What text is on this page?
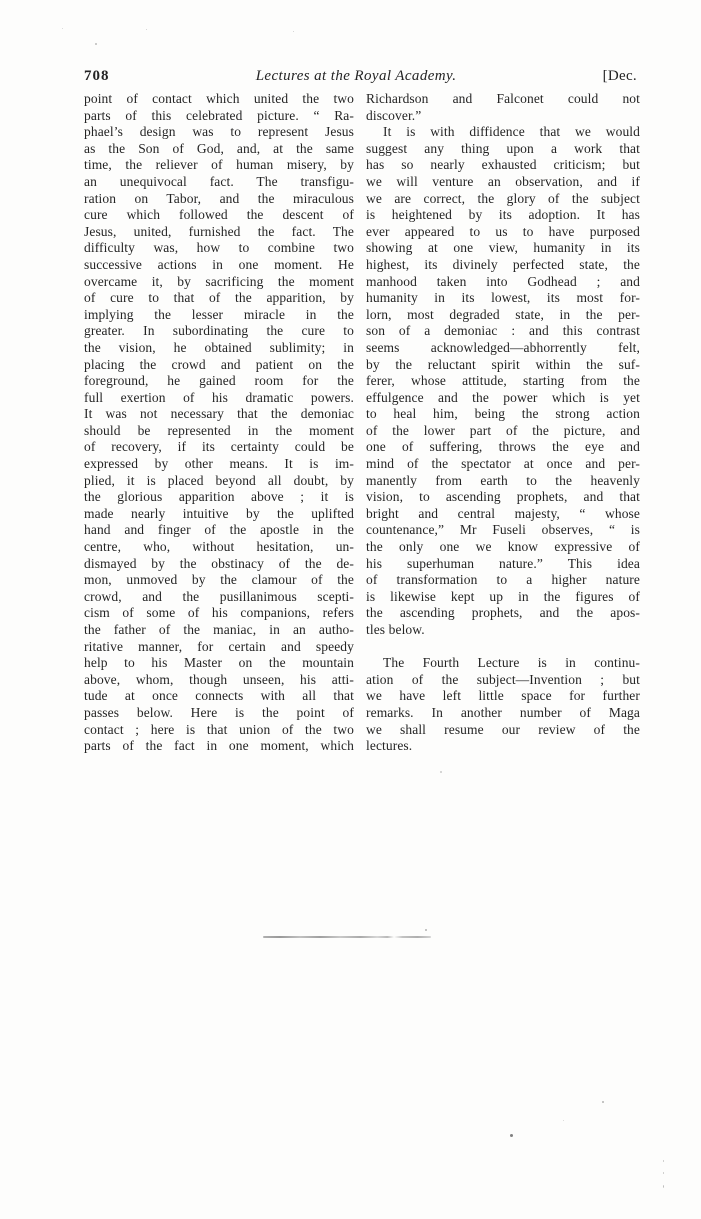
708	Lectures at the Royal Academy.	[Dec.
point of contact which united the two
parts of this celebrated picture. “ Ra-
phael’s design was to represent Jesus
as the Son of God, and, at the same
time, the reliever of human misery, by
an unequivocal fact. The transfigu-
ration on Tabor, and the miraculous
cure which followed the descent of
Jesus, united, furnished the fact. The
difficulty was, how to combine two
successive actions in one moment. He
overcame it, by sacrificing the moment
of cure to that of the apparition, by
implying the lesser miracle in the
greater. In subordinating the cure to
the vision, he obtained sublimity; in
placing the crowd and patient on the
foreground, he gained room for the
full exertion of his dramatic powers.
It was not necessary that the demoniac
should be represented in the moment
of recovery, if its certainty could be
expressed by other means. It is im-
plied, it is placed beyond all doubt, by
the glorious apparition above ; it is
made nearly intuitive by the uplifted
hand and finger of the apostle in the
centre, who, without hesitation, un-
dismayed by the obstinacy of the de-
mon, unmoved by the clamour of the
crowd, and the pusillanimous scepti-
cism of some of his companions, refers
the father of the maniac, in an autho-
ritative manner, for certain and speedy
help to his Master on the mountain
above, whom, though unseen, his atti-
tude at once connects with all that
passes below. Here is the point of
contact ; here is that union of the two
parts of the fact in one moment, which
Richardson and Falconet could not
discover.”
It is with diffidence that we would
suggest any thing upon a work that
has so nearly exhausted criticism; but
we will venture an observation, and if
we are correct, the glory of the subject
is heightened by its adoption. It has
ever appeared to us to have purposed
showing at one view, humanity in its
highest, its divinely perfected state, the
manhood taken into Godhead ; and
humanity in its lowest, its most for-
lorn, most degraded state, in the per-
son of a demoniac : and this contrast
seems acknowledged—abhorrently felt,
by the reluctant spirit within the suf-
ferer, whose attitude, starting from the
effulgence and the power which is yet
to heal him, being the strong action
of the lower part of the picture, and
one of suffering, throws the eye and
mind of the spectator at once and per-
manently from earth to the heavenly
vision, to ascending prophets, and that
bright and central majesty, “ whose
countenance,” Mr Fuseli observes, “ is
the only one we know expressive of
his superhuman nature.” This idea
of transformation to a higher nature
is likewise kept up in the figures of
the ascending prophets, and the apos-
tles below.
The Fourth Lecture is in continu-
ation of the subject—Invention ; but
we have left little space for further
remarks. In another number of Maga
we shall resume our review of the
lectures.
